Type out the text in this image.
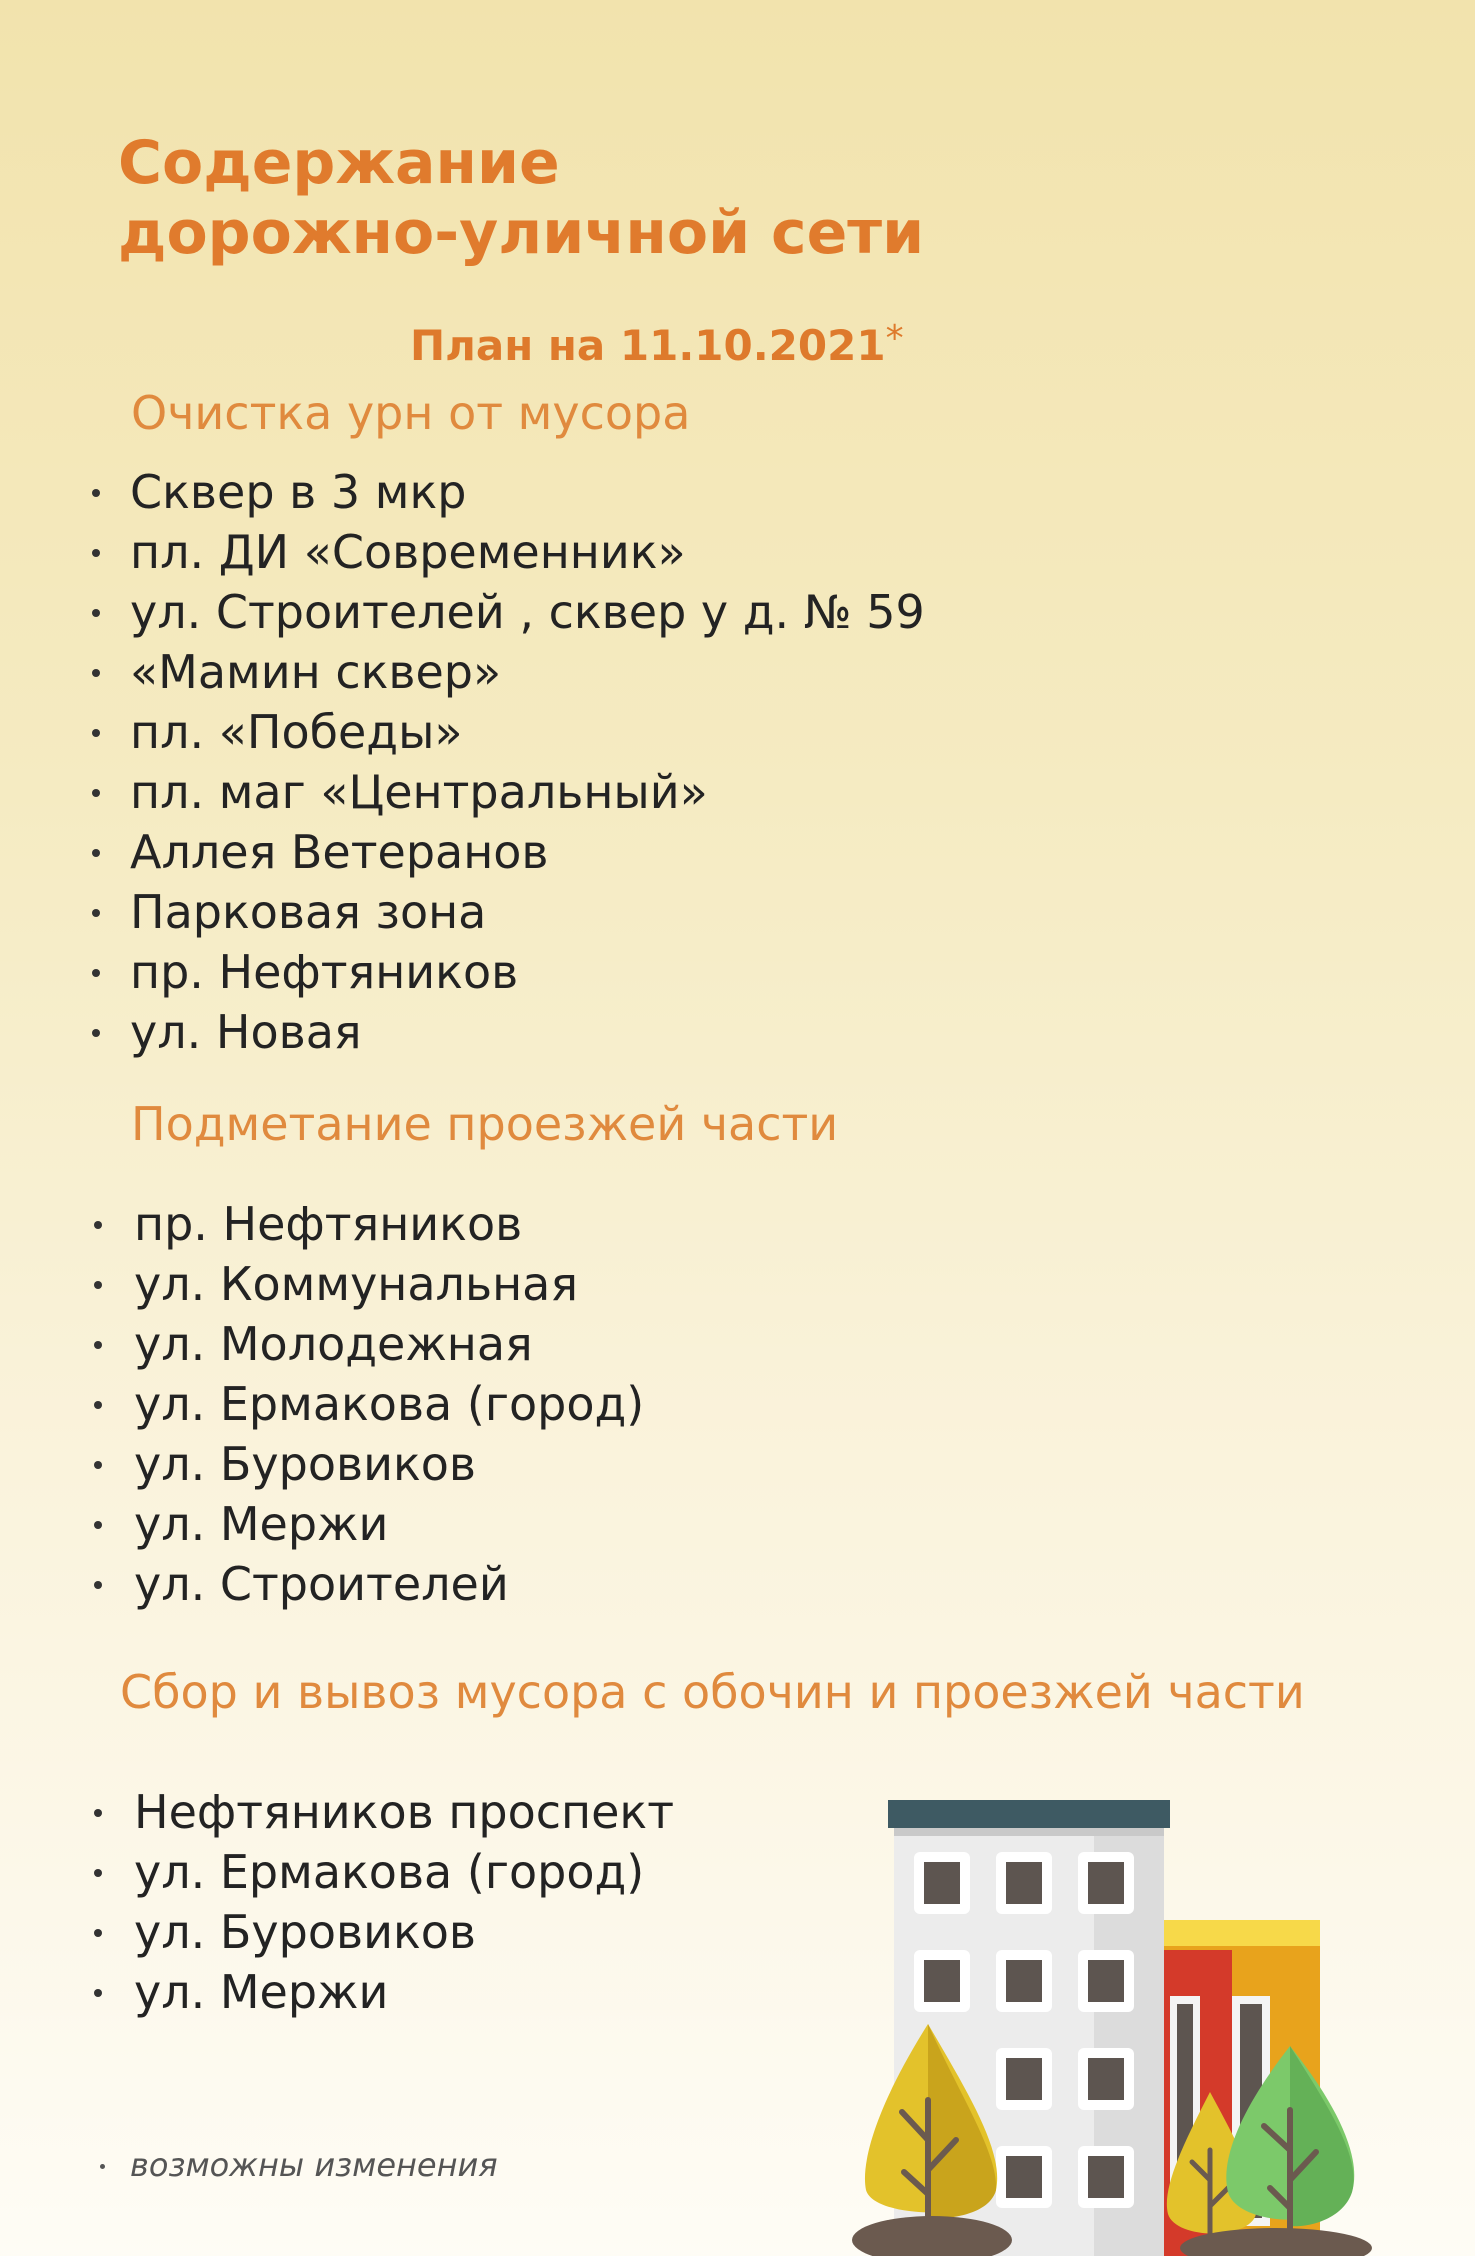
Содержание
дорожно-уличной сети
План на 11.10.2021*
Очистка урн от мусора
Сквер в 3 мкр
пл. ДИ «Современник»
ул. Строителей , сквер у д. № 59
«Мамин сквер»
пл. «Победы»
пл. маг «Центральный»
Аллея Ветеранов
Парковая зона
пр. Нефтяников
ул. Новая
Подметание проезжей части
пр. Нефтяников
ул. Коммунальная
ул. Молодежная
ул. Ермакова (город)
ул. Буровиков
ул. Мержи
ул. Строителей
Сбор и вывоз мусора с обочин и проезжей части
Нефтяников проспект
ул. Ермакова (город)
ул. Буровиков
ул. Мержи
возможны изменения
